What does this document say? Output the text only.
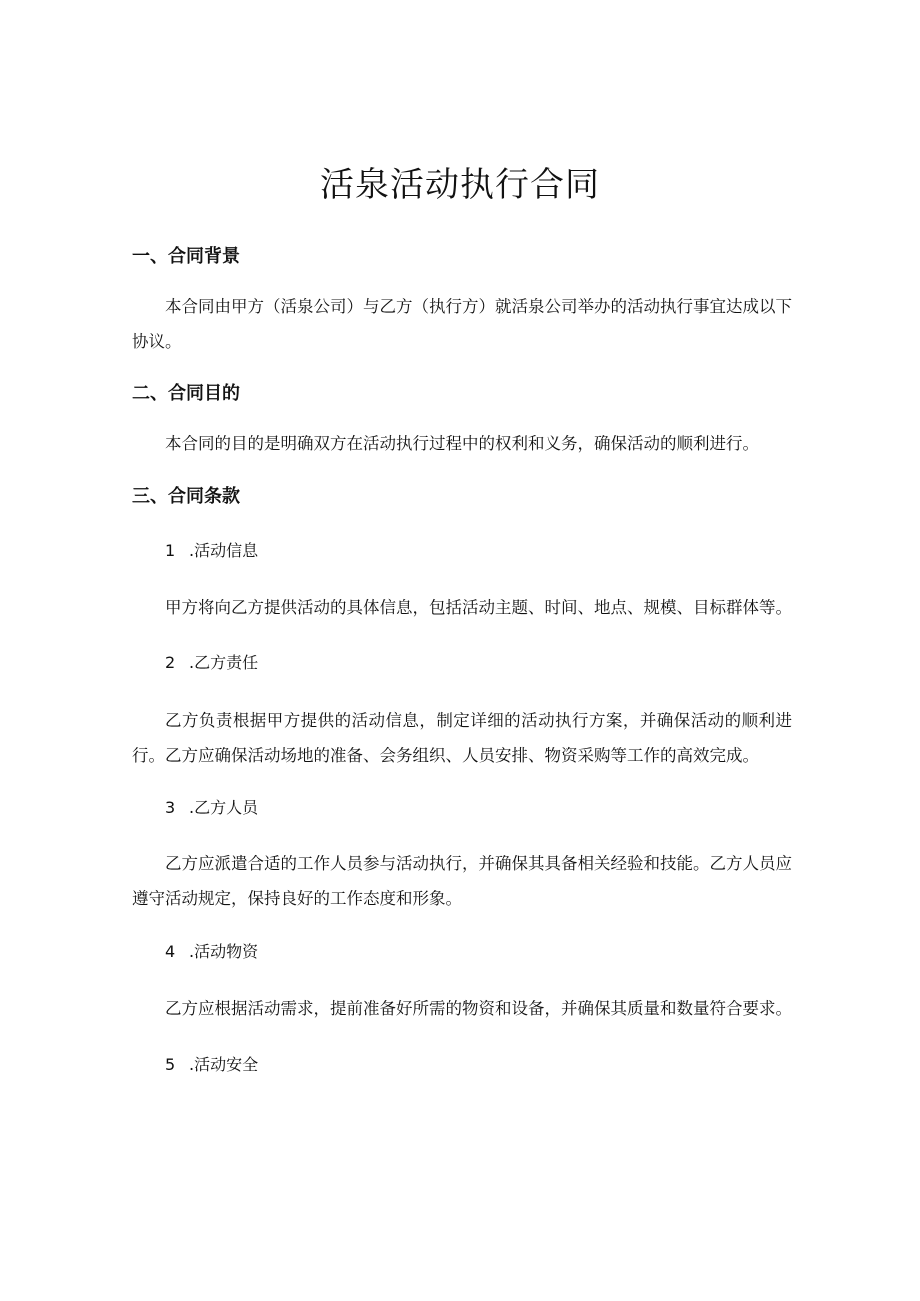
活泉活动执行合同
一、合同背景

本合同由甲方（活泉公司）与乙方（执行方）就活泉公司举办的活动执行事宜达成以下协议。

二、合同目的

本合同的目的是明确双方在活动执行过程中的权利和义务，确保活动的顺利进行。

三、合同条款
1 .活动信息

甲方将向乙方提供活动的具体信息，包括活动主题、时间、地点、规模、目标群体等。

2 .乙方责任

乙方负责根据甲方提供的活动信息，制定详细的活动执行方案，并确保活动的顺利进行。乙方应确保活动场地的准备、会务组织、人员安排、物资采购等工作的高效完成。

3 .乙方人员

乙方应派遣合适的工作人员参与活动执行，并确保其具备相关经验和技能。乙方人员应遵守活动规定，保持良好的工作态度和形象。

4 .活动物资

乙方应根据活动需求，提前准备好所需的物资和设备，并确保其质量和数量符合要求。

5 .活动安全
